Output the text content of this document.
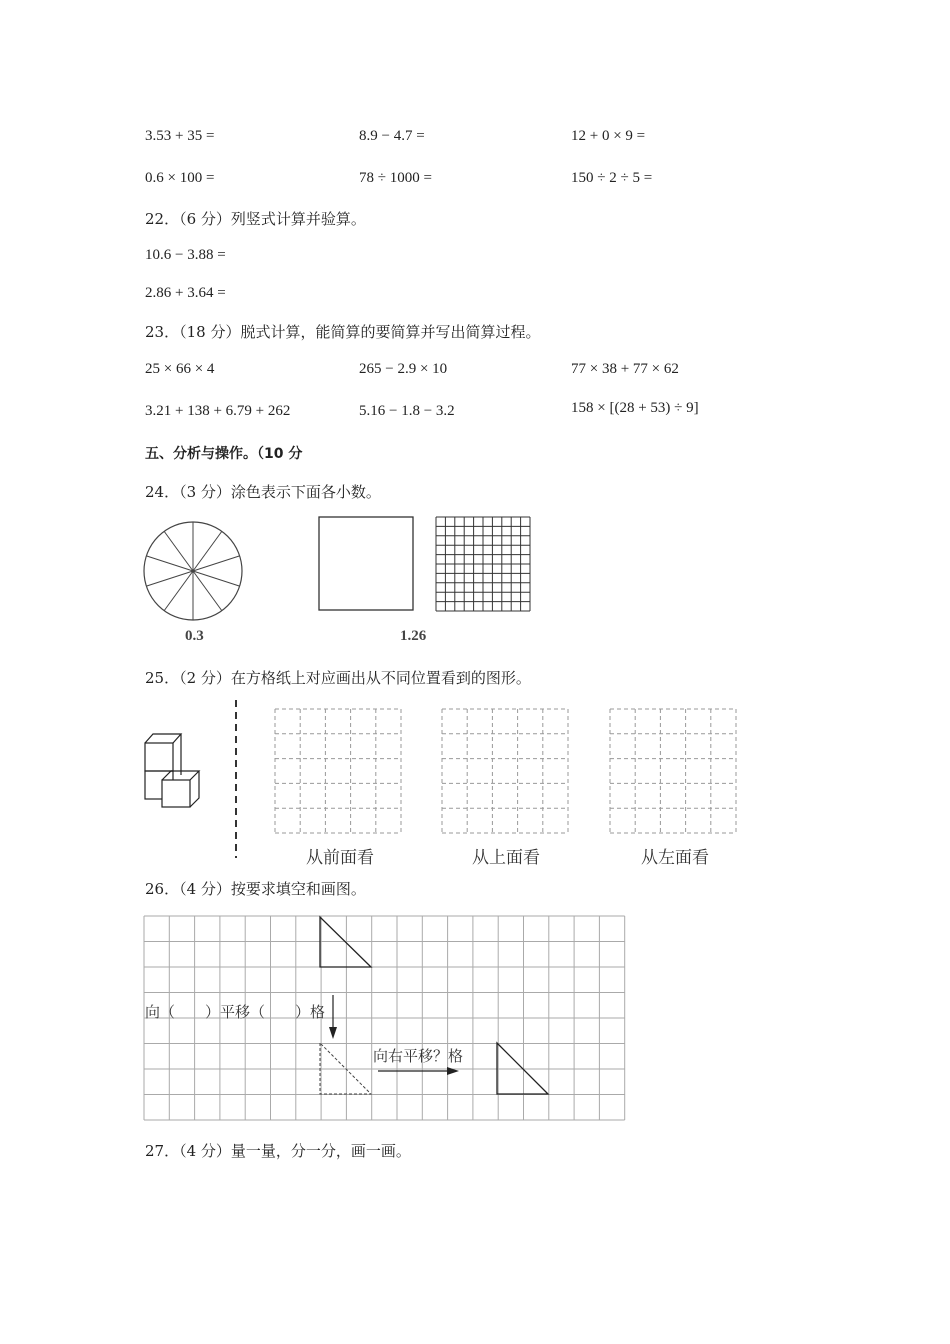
3.53 + 35 =	8.9 − 4.7 =	12 + 0 × 9 =
0.6 × 100 =	78 ÷ 1000 =	150 ÷ 2 ÷ 5 =
22．（6 分）列竖式计算并验算。
10.6 − 3.88 =
2.86 + 3.64 =
23．（18 分）脱式计算，能简算的要简算并写出简算过程。
25 × 66 × 4	265 − 2.9 × 10	77 × 38 + 77 × 62
3.21 + 138 + 6.79 + 262	5.16 − 1.8 − 3.2	158 × [(28 + 53) ÷ 9]
五、分析与操作。（10 分
24．（3 分）涂色表示下面各小数。
0.3	1.26
25．（2 分）在方格纸上对应画出从不同位置看到的图形。
从前面看	从上面看	从左面看
26．（4 分）按要求填空和画图。
向（　　）平移（　　）格
向右平移？格
27．（4 分）量一量，分一分，画一画。
